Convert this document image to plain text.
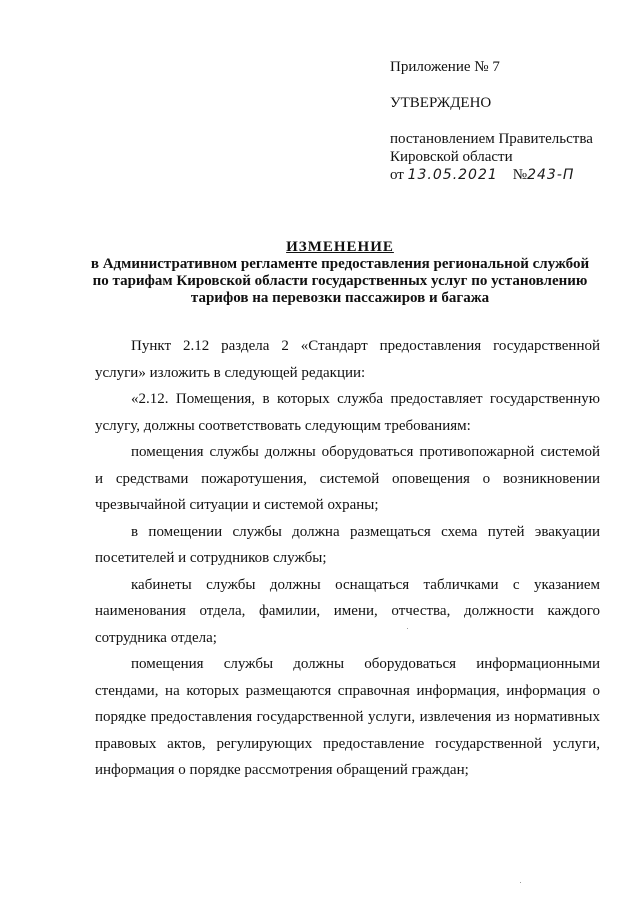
Приложение № 7
УТВЕРЖДЕНО
постановлением Правительства
Кировской области
от 13.05.2021 №243-П
ИЗМЕНЕНИЕ
в Административном регламенте предоставления региональной службой
по тарифам Кировской области государственных услуг по установлению
тарифов на перевозки пассажиров и багажа

Пункт 2.12 раздела 2 «Стандарт предоставления государственной услуги» изложить в следующей редакции:

«2.12. Помещения, в которых служба предоставляет государственную услугу, должны соответствовать следующим требованиям:

помещения службы должны оборудоваться противопожарной системой и средствами пожаротушения, системой оповещения о возникновении чрезвычайной ситуации и системой охраны;

в помещении службы должна размещаться схема путей эвакуации посетителей и сотрудников службы;

кабинеты службы должны оснащаться табличками с указанием наименования отдела, фамилии, имени, отчества, должности каждого сотрудника отдела;

помещения службы должны оборудоваться информационными стендами, на которых размещаются справочная информация, информация о порядке предоставления государственной услуги, извлечения из нормативных правовых актов, регулирующих предоставление государственной услуги, информация о порядке рассмотрения обращений граждан;
